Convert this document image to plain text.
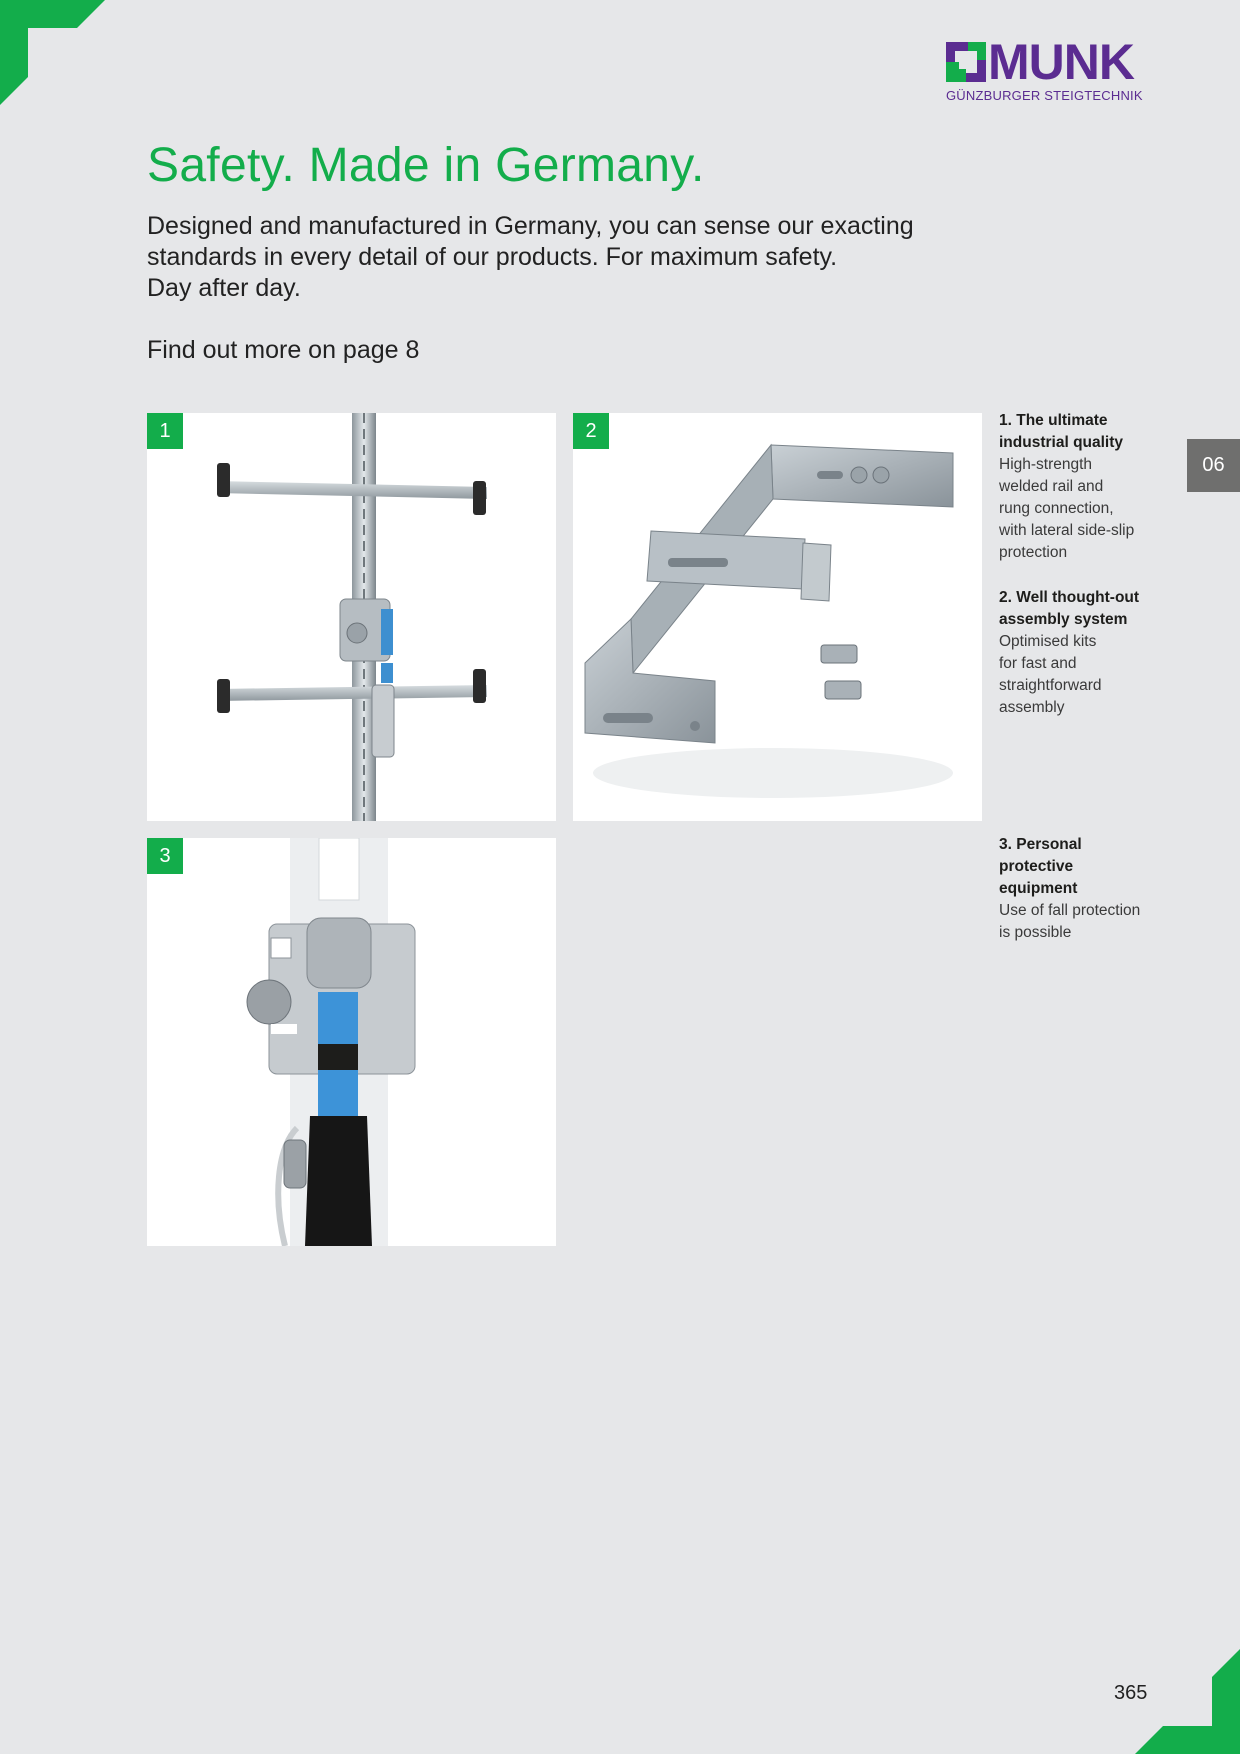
MUNK
GÜNZBURGER STEIGTECHNIK
Safety. Made in Germany.

Designed and manufactured in Germany, you can sense our exacting
standards in every detail of our products. For maximum safety.
Day after day.

Find out more on page 8

1	2
3
1. The ultimate
industrial quality
High-strength
welded rail and
rung connection,
with lateral side-slip
protection
2. Well thought-out
assembly system
Optimised kits
for fast and
straightforward
assembly
3. Personal
protective
equipment
Use of fall protection
is possible
06
365
